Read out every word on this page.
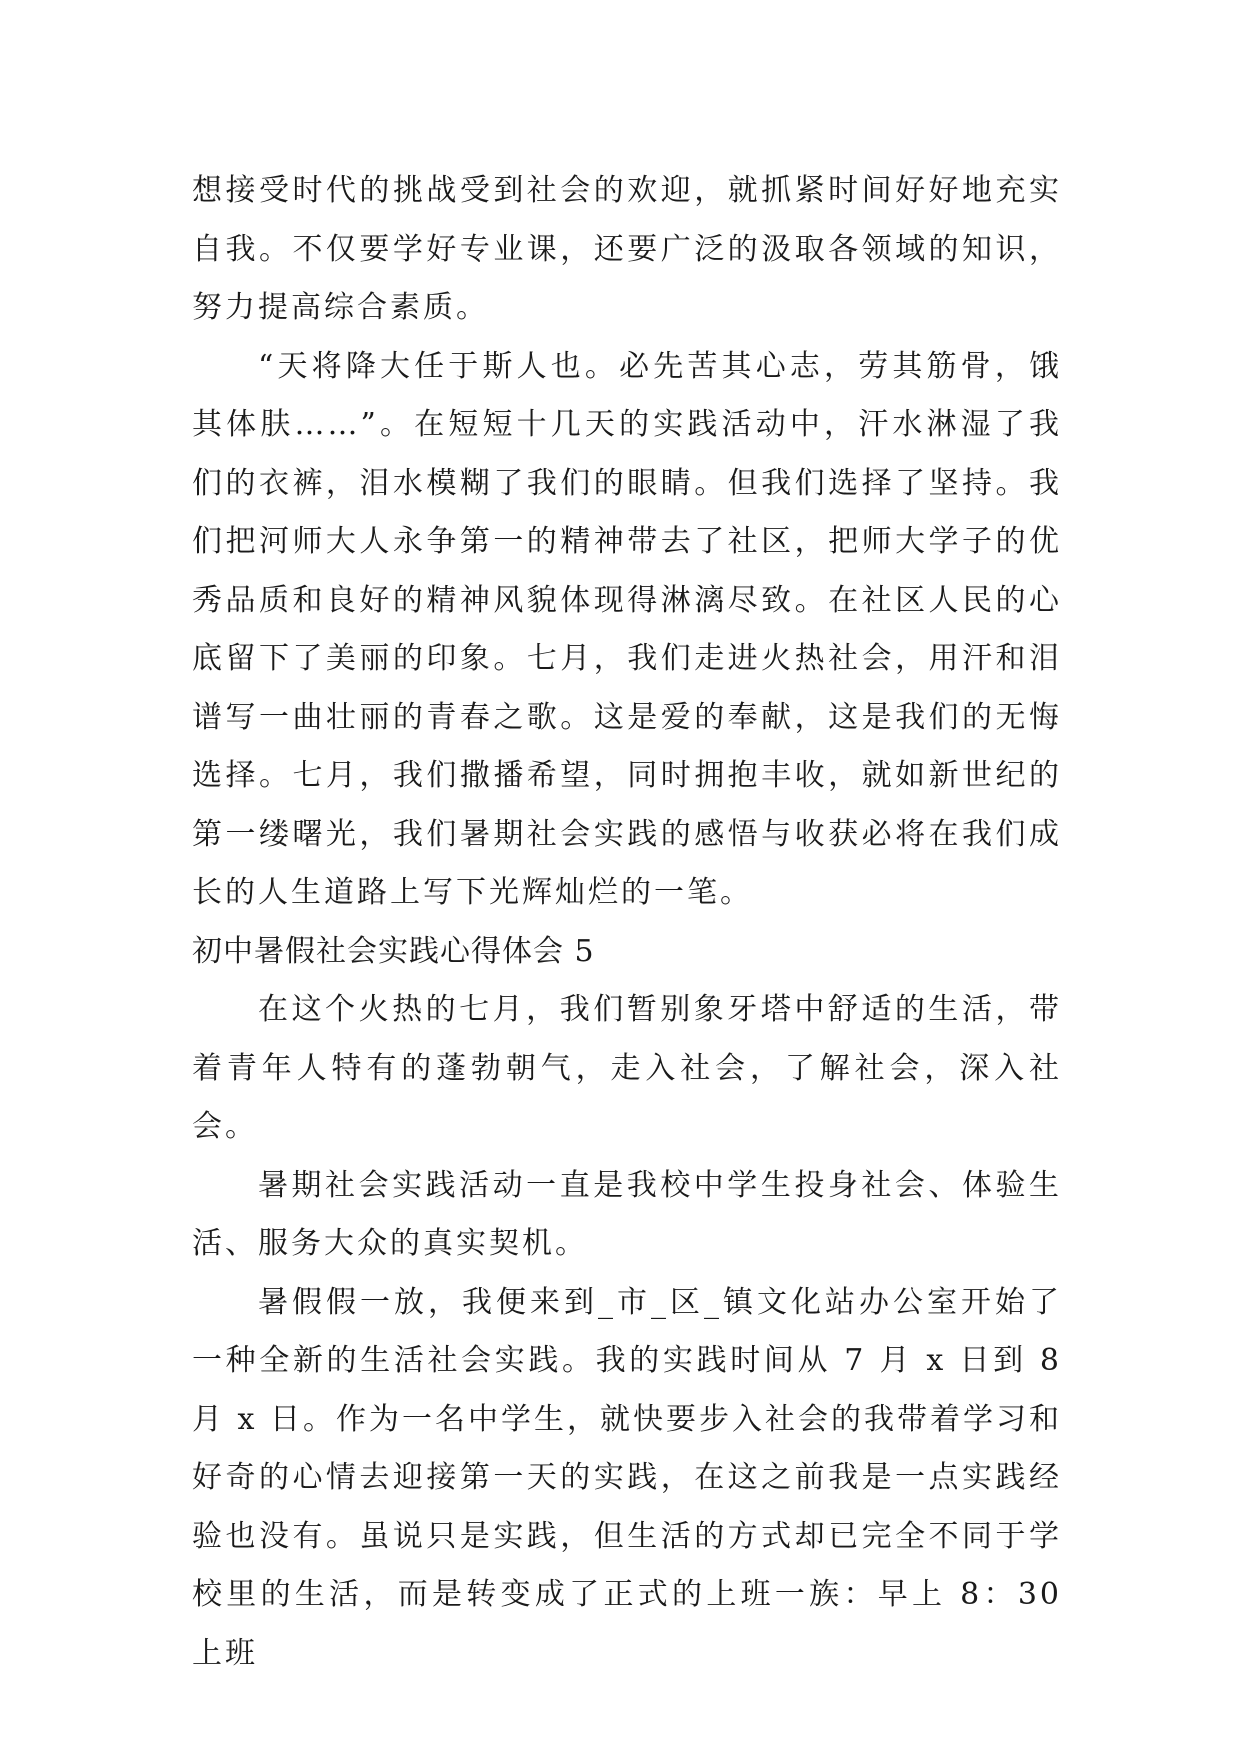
想接受时代的挑战受到社会的欢迎，就抓紧时间好好地充实自我。不仅要学好专业课，还要广泛的汲取各领域的知识，努力提高综合素质。

“天将降大任于斯人也。必先苦其心志，劳其筋骨，饿其体肤……”。在短短十几天的实践活动中，汗水淋湿了我们的衣裤，泪水模糊了我们的眼睛。但我们选择了坚持。我们把河师大人永争第一的精神带去了社区，把师大学子的优秀品质和良好的精神风貌体现得淋漓尽致。在社区人民的心底留下了美丽的印象。七月，我们走进火热社会，用汗和泪谱写一曲壮丽的青春之歌。这是爱的奉献，这是我们的无悔选择。七月，我们撒播希望，同时拥抱丰收，就如新世纪的第一缕曙光，我们暑期社会实践的感悟与收获必将在我们成长的人生道路上写下光辉灿烂的一笔。

初中暑假社会实践心得体会 5

在这个火热的七月，我们暂别象牙塔中舒适的生活，带着青年人特有的蓬勃朝气，走入社会，了解社会，深入社会。

暑期社会实践活动一直是我校中学生投身社会、体验生活、服务大众的真实契机。

暑假假一放，我便来到_市_区_镇文化站办公室开始了一种全新的生活社会实践。我的实践时间从 7 月 x 日到 8 月 x 日。作为一名中学生，就快要步入社会的我带着学习和好奇的心情去迎接第一天的实践，在这之前我是一点实践经验也没有。虽说只是实践，但生活的方式却已完全不同于学校里的生活，而是转变成了正式的上班一族：早上 8：30 上班
